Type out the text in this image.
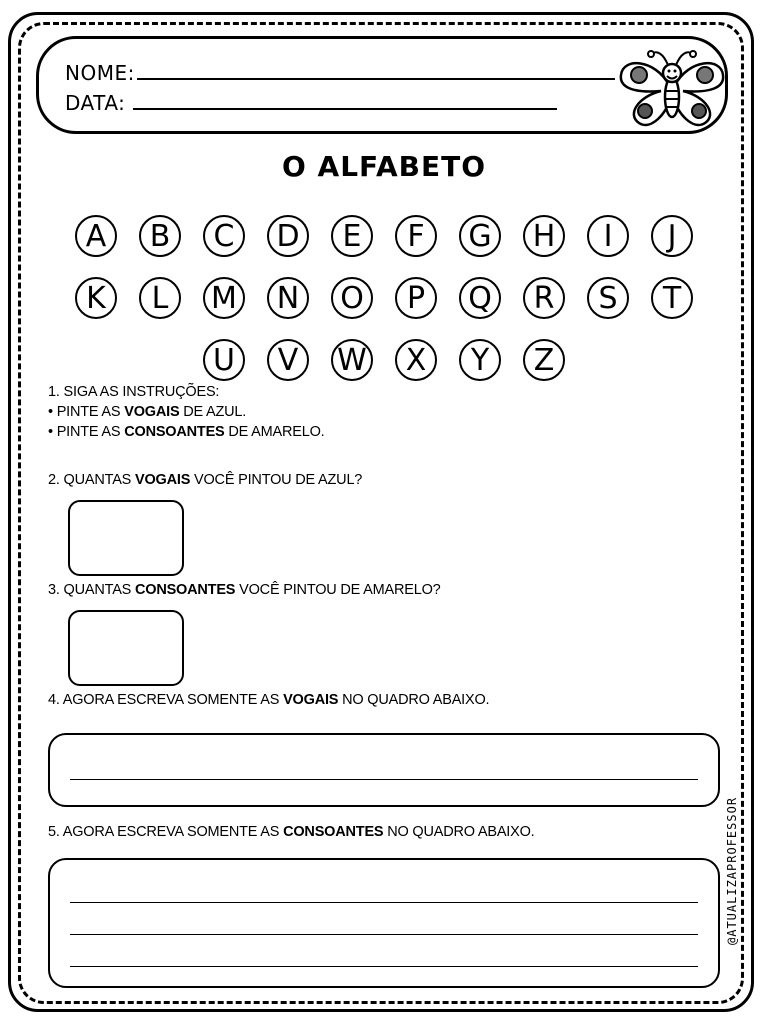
NOME:
DATA:
O ALFABETO
A	B	C	D	E	F	G	H	I	J
K	L	M	N	O	P	Q	R	S	T
U	V	W	X	Y	Z
1. SIGA AS INSTRUÇÕES:
• PINTE AS VOGAIS DE AZUL.
• PINTE AS CONSOANTES DE AMARELO.
2. QUANTAS VOGAIS VOCÊ PINTOU DE AZUL?
3. QUANTAS CONSOANTES VOCÊ PINTOU DE AMARELO?
4. AGORA ESCREVA SOMENTE AS VOGAIS NO QUADRO ABAIXO.
5. AGORA ESCREVA SOMENTE AS CONSOANTES NO QUADRO ABAIXO.	@ATUALIZAPROFESSOR
